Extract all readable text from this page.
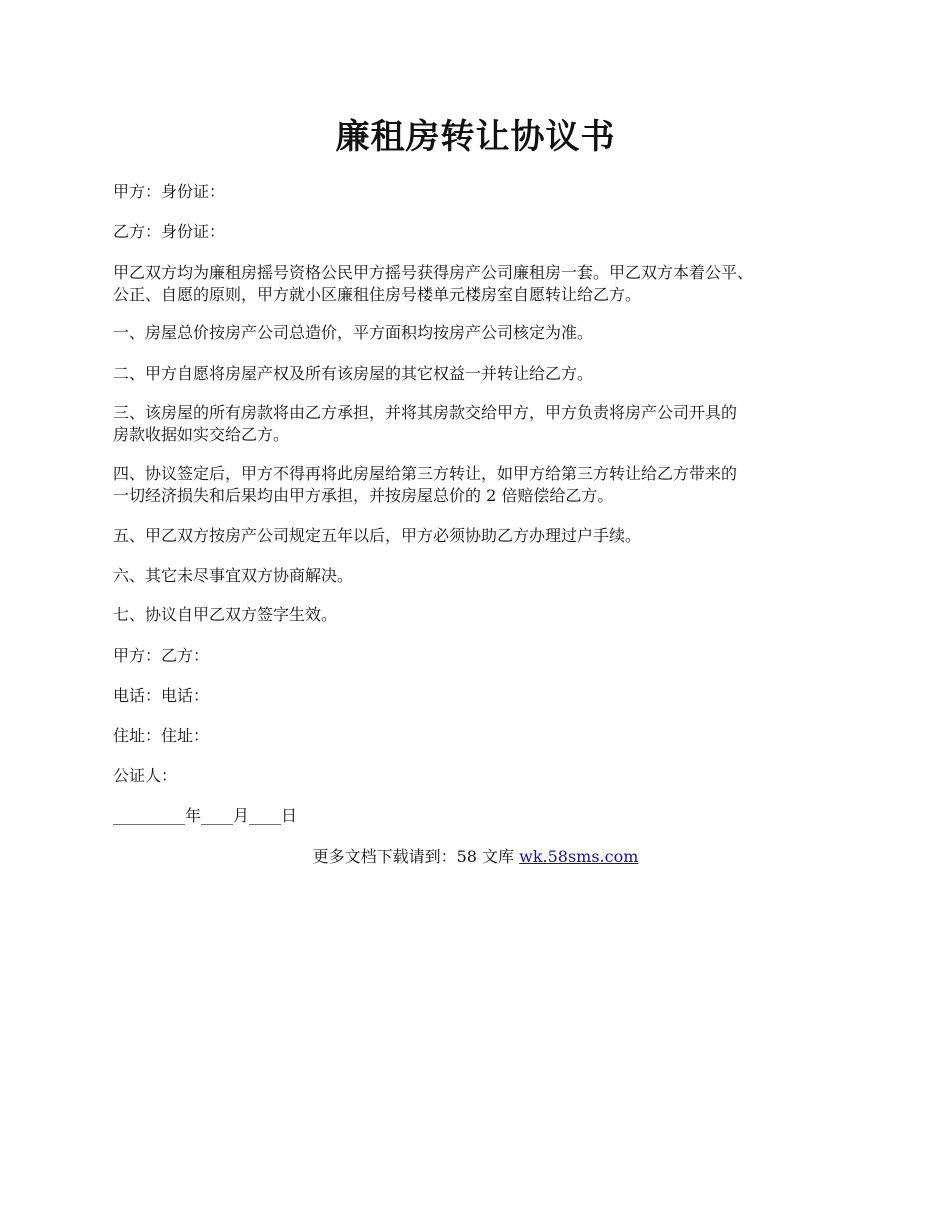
廉租房转让协议书

甲方：身份证：

乙方：身份证：

甲乙双方均为廉租房摇号资格公民甲方摇号获得房产公司廉租房一套。甲乙双方本着公平、

公正、自愿的原则，甲方就小区廉租住房号楼单元楼房室自愿转让给乙方。

一、房屋总价按房产公司总造价，平方面积均按房产公司核定为准。

二、甲方自愿将房屋产权及所有该房屋的其它权益一并转让给乙方。

三、该房屋的所有房款将由乙方承担，并将其房款交给甲方，甲方负责将房产公司开具的

房款收据如实交给乙方。

四、协议签定后，甲方不得再将此房屋给第三方转让，如甲方给第三方转让给乙方带来的

一切经济损失和后果均由甲方承担，并按房屋总价的 2 倍赔偿给乙方。

五、甲乙双方按房产公司规定五年以后，甲方必须协助乙方办理过户手续。

六、其它未尽事宜双方协商解决。

七、协议自甲乙双方签字生效。

甲方：乙方：

电话：电话：

住址：住址：

公证人：

_________年____月____日

更多文档下载请到：58 文库 wk.58sms.com
